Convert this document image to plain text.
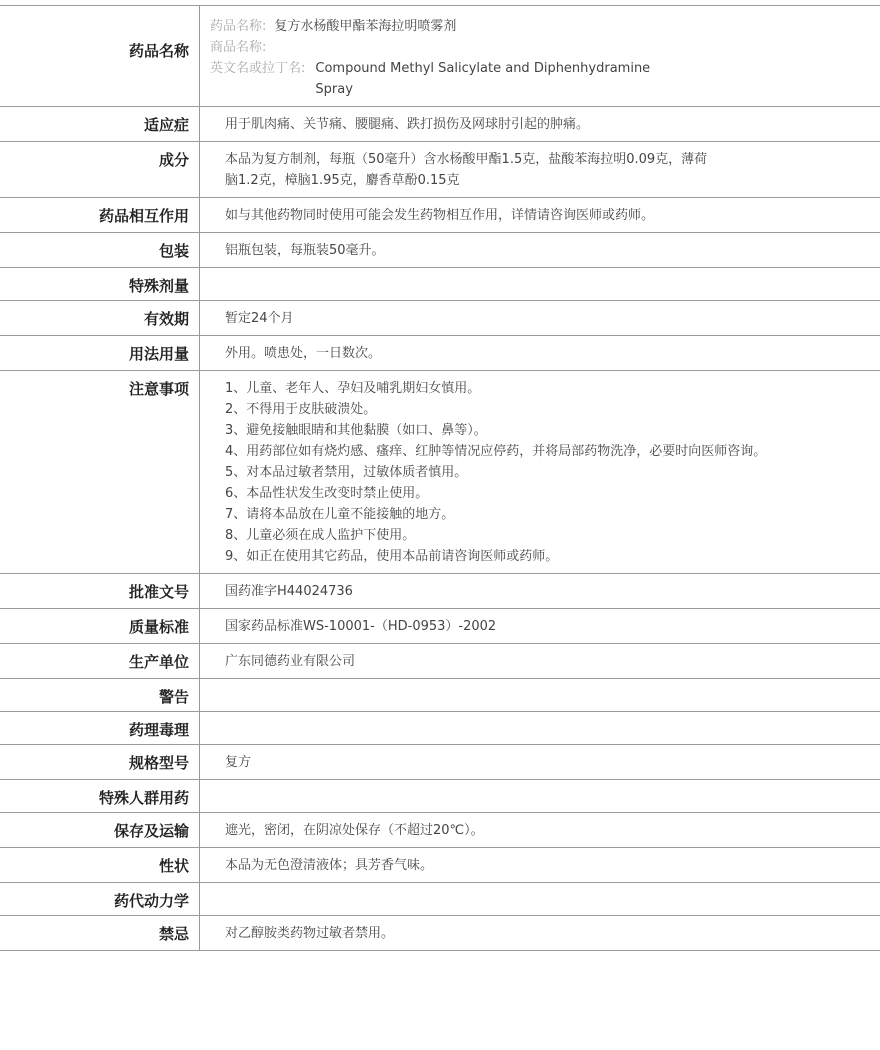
药品名称
药品名称: 复方水杨酸甲酯苯海拉明喷雾剂
商品名称:
英文名或拉丁名: Compound Methyl Salicylate and Diphenhydramine Spray
适应症	用于肌肉痛、关节痛、腰腿痛、跌打损伤及网球肘引起的肿痛。
成分	本品为复方制剂，每瓶（50毫升）含水杨酸甲酯1.5克，盐酸苯海拉明0.09克，薄荷脑1.2克，樟脑1.95克，麝香草酚0.15克
药品相互作用	如与其他药物同时使用可能会发生药物相互作用，详情请咨询医师或药师。
包装	铝瓶包装，每瓶装50毫升。
特殊剂量
有效期	暂定24个月
用法用量	外用。喷患处，一日数次。
注意事项	1、儿童、老年人、孕妇及哺乳期妇女慎用。
2、不得用于皮肤破溃处。
3、避免接触眼睛和其他黏膜（如口、鼻等）。
4、用药部位如有烧灼感、瘙痒、红肿等情况应停药，并将局部药物洗净，必要时向医师咨询。
5、对本品过敏者禁用，过敏体质者慎用。
6、本品性状发生改变时禁止使用。
7、请将本品放在儿童不能接触的地方。
8、儿童必须在成人监护下使用。
9、如正在使用其它药品，使用本品前请咨询医师或药师。
批准文号	国药准字H44024736
质量标准	国家药品标准WS-10001-（HD-0953）-2002
生产单位	广东同德药业有限公司
警告
药理毒理
规格型号	复方
特殊人群用药
保存及运输	遮光，密闭，在阴凉处保存（不超过20℃）。
性状	本品为无色澄清液体；具芳香气味。
药代动力学
禁忌	对乙醇胺类药物过敏者禁用。
